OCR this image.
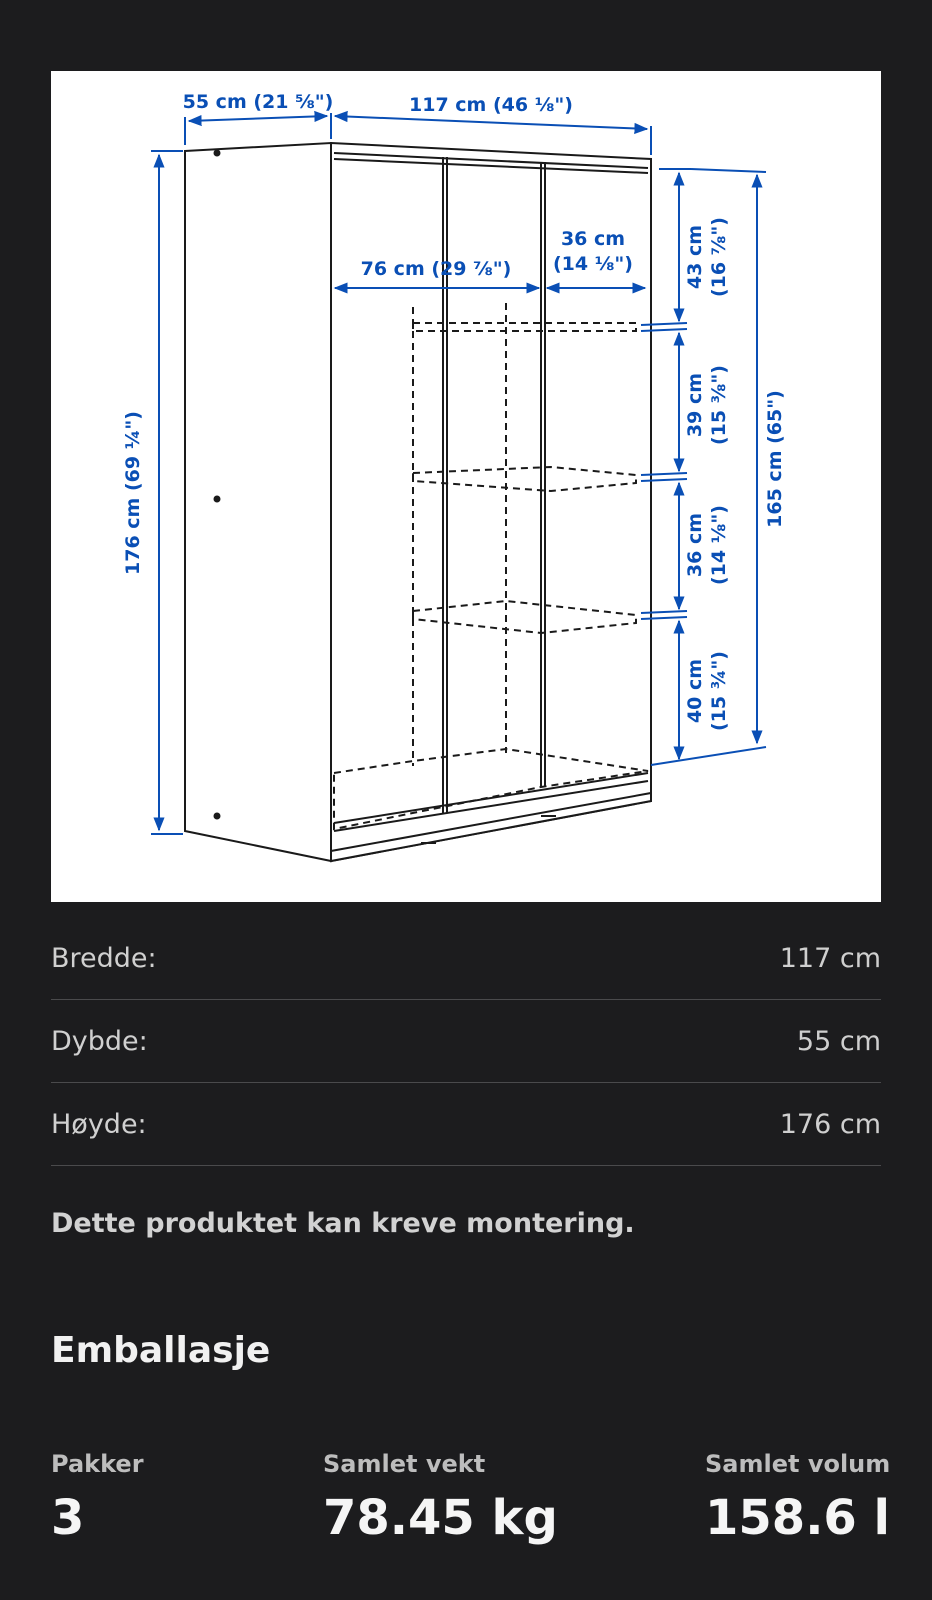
55 cm (21 ⅝")	117 cm (46 ⅛")
176 cm (69 ¼")
76 cm (29 ⅞")
36 cm
(14 ⅛")	43 cm (16 ⅞")
39 cm (15 ⅜")
36 cm (14 ⅛")
40 cm (15 ¾")
165 cm (65")
Bredde:	117 cm
Dybde:	55 cm
Høyde:	176 cm
Dette produktet kan kreve montering.
Emballasje
Pakker
3
Samlet vekt
78.45 kg
Samlet volum
158.6 l
